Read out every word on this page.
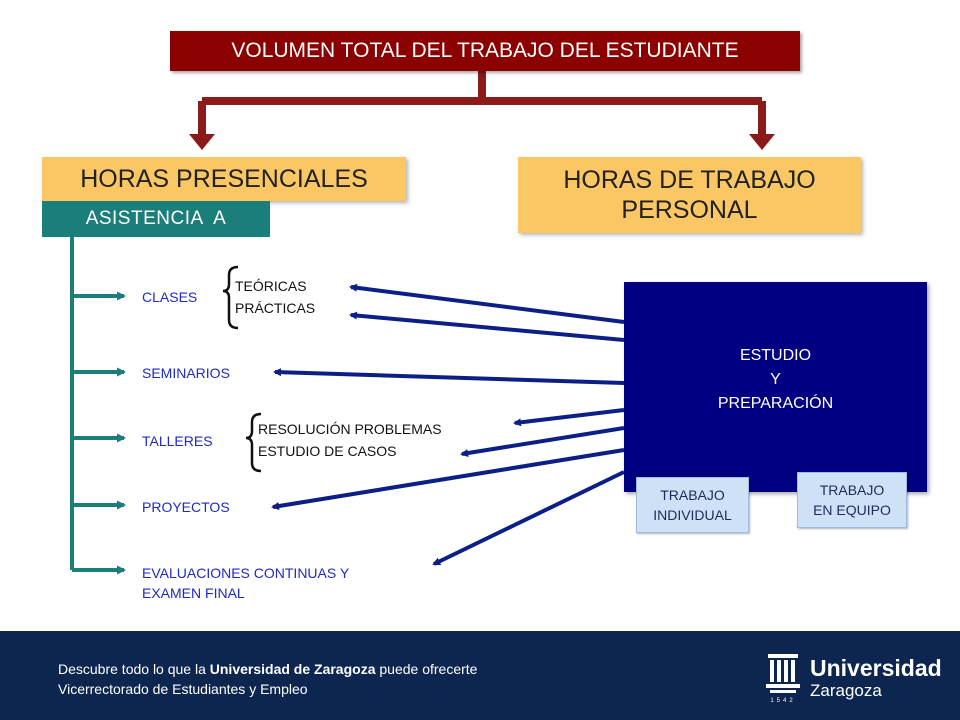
VOLUMEN TOTAL DEL TRABAJO DEL ESTUDIANTE
HORAS PRESENCIALES	HORAS DE TRABAJO PERSONAL
ASISTENCIA  A
CLASES
SEMINARIOS
TALLERES
PROYECTOS
EVALUACIONES CONTINUAS Y
EXAMEN FINAL
TEÓRICAS
PRÁCTICAS
RESOLUCIÓN PROBLEMAS
ESTUDIO DE CASOS
ESTUDIO
Y
PREPARACIÓN
TRABAJO
INDIVIDUAL
TRABAJO
EN EQUIPO
Descubre todo lo que la Universidad de Zaragoza puede ofrecerte
Vicerrectorado de Estudiantes y Empleo
1542
Universidad
Zaragoza
